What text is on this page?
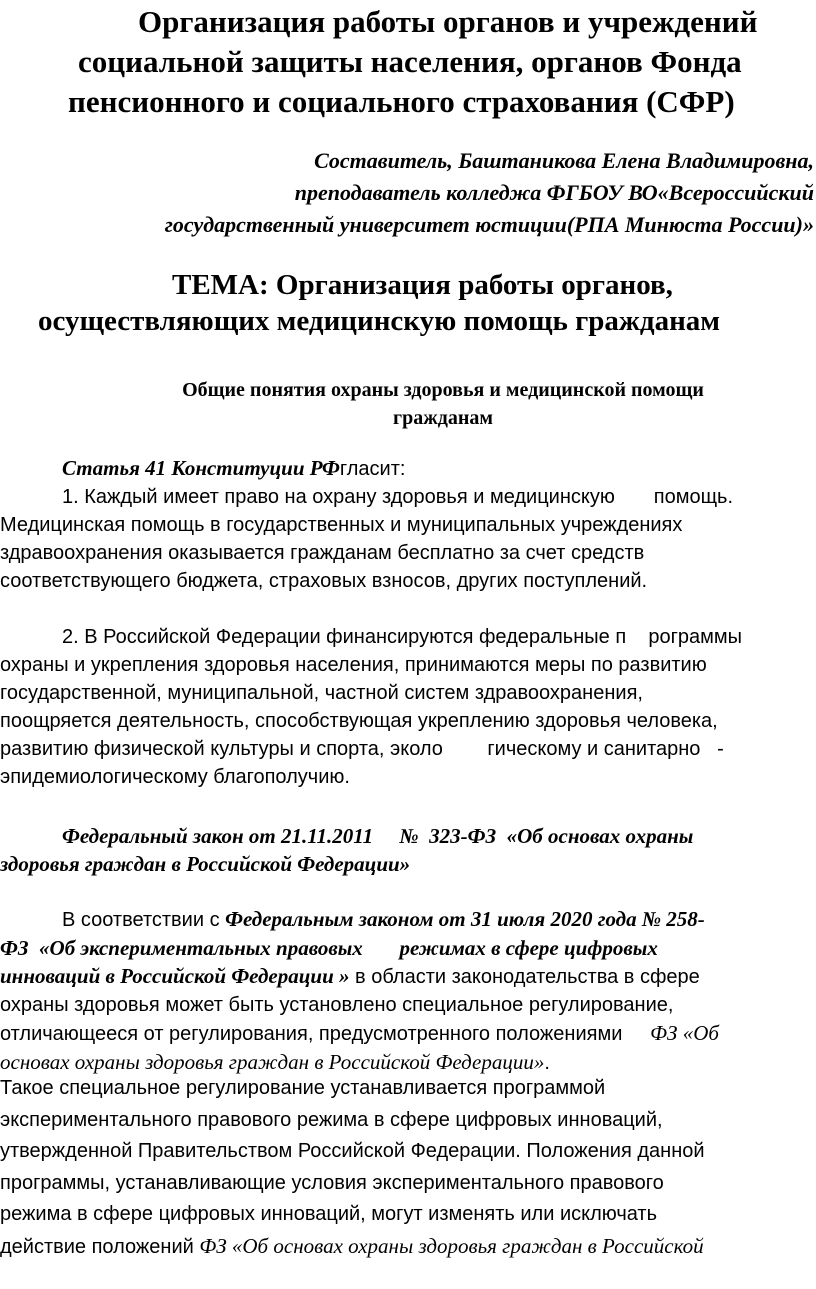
Организация работы органов и учреждений
социальной защиты населения, органов Фонда
пенсионного и социального страхования (СФР)
Составитель, Баштаникова Елена Владимировна,
преподаватель колледжа ФГБОУ ВО«Всероссийский
государственный университет юстиции(РПА Минюста России)»
ТЕМА: Организация работы органов,
осуществляющих медицинскую помощь гражданам
Общие понятия охраны здоровья и медицинской помощи
гражданам
Статья 41 Конституции РФгласит:
1. Каждый имеет право на охрану здоровья и медицинскую       помощь.
Медицинская помощь в государственных и муниципальных учреждениях
здравоохранения оказывается гражданам бесплатно за счет средств
соответствующего бюджета, страховых взносов, других поступлений.
2. В Российской Федерации финансируются федеральные п    рограммы
охраны и укрепления здоровья населения, принимаются меры по развитию
государственной, муниципальной, частной систем здравоохранения,
поощряется деятельность, способствующая укреплению здоровья человека,
развитию физической культуры и спорта, эколо        гическому и санитарно   -
эпидемиологическому благополучию.
Федеральный закон от 21.11.2011     №  323-ФЗ  «Об основах охраны
здоровья граждан в Российской Федерации»
В соответствии с Федеральным законом от 31 июля 2020 года № 258-
ФЗ  «Об экспериментальных правовых       режимах в сфере цифровых
инноваций в Российской Федерации » в области законодательства в сфере
охраны здоровья может быть установлено специальное регулирование,
отличающееся от регулирования, предусмотренного положениями     ФЗ «Об
основах охраны здоровья граждан в Российской Федерации».
Такое специальное регулирование устанавливается программой
экспериментального правового режима в сфере цифровых инноваций,
утвержденной Правительством Российской Федерации. Положения данной
программы, устанавливающие условия экспериментального правового
режима в сфере цифровых инноваций, могут изменять или исключать
действие положений ФЗ «Об основах охраны здоровья граждан в Российской
